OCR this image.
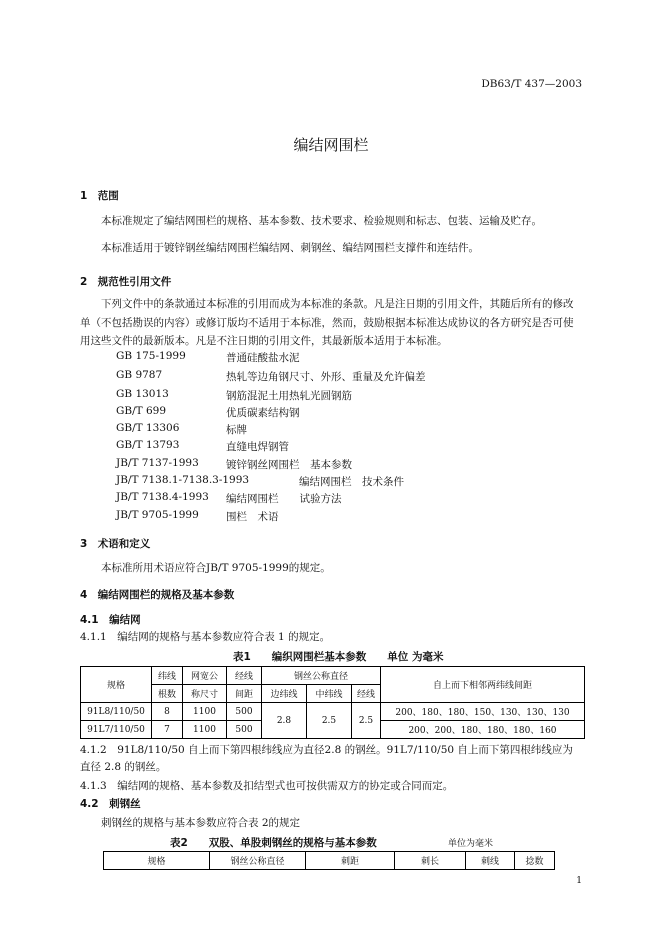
DB63/T 437—2003
编结网围栏
1　范围
本标准规定了编结网围栏的规格、基本参数、技术要求、检验规则和标志、包装、运输及贮存。
本标准适用于镀锌钢丝编结网围栏编结网、刺钢丝、编结网围栏支撑件和连结件。
2　规范性引用文件
下列文件中的条款通过本标准的引用而成为本标准的条款。凡是注日期的引用文件，其随后所有的修改单（不包括勘误的内容）或修订版均不适用于本标准，然而，鼓励根据本标准达成协议的各方研究是否可使用这些文件的最新版本。凡是不注日期的引用文件，其最新版本适用于本标准。
GB 175-1999	普通硅酸盐水泥
GB 9787	热轧等边角钢尺寸、外形、重量及允许偏差
GB 13013	钢筋混泥土用热轧光圆钢筋
GB/T 699	优质碳素结构钢
GB/T 13306	标牌
GB/T 13793	直缝电焊钢管
JB/T 7137-1993	镀锌钢丝网围栏　基本参数
JB/T 7138.1-7138.3-1993	编结网围栏　技术条件
JB/T 7138.4-1993 编结网围栏　　试验方法
JB/T 9705-1999	围栏　术语
3　术语和定义
本标准所用术语应符合JB/T 9705-1999的规定。
4　编结网围栏的规格及基本参数
4.1　编结网
4.1.1　编结网的规格与基本参数应符合表 1 的规定。
表1　　编织网围栏基本参数　　单位 为毫米
规格	纬线	网宽公	经线	钢丝公称直径			自上而下相邻两纬线间距
	根数	称尺寸	间距	边纬线	中纬线	经线	
91L8/110/50	8	1100	500	2.8	2.5	2.5	200、180、180、150、130、130、130
91L7/110/50	7	1100	500				200、200、180、180、180、160
4.1.2　91L8/110/50 自上而下第四根纬线应为直径2.8 的钢丝。91L7/110/50 自上而下第四根纬线应为直径 2.8 的钢丝。
4.1.3　编结网的规格、基本参数及扣结型式也可按供需双方的协定或合同而定。
4.2　刺钢丝
刺钢丝的规格与基本参数应符合表 2的规定
表2　　双股、单股刺钢丝的规格与基本参数	单位为毫米
规格	钢丝公称直径	刺距	刺长	刺线	捻数
1
